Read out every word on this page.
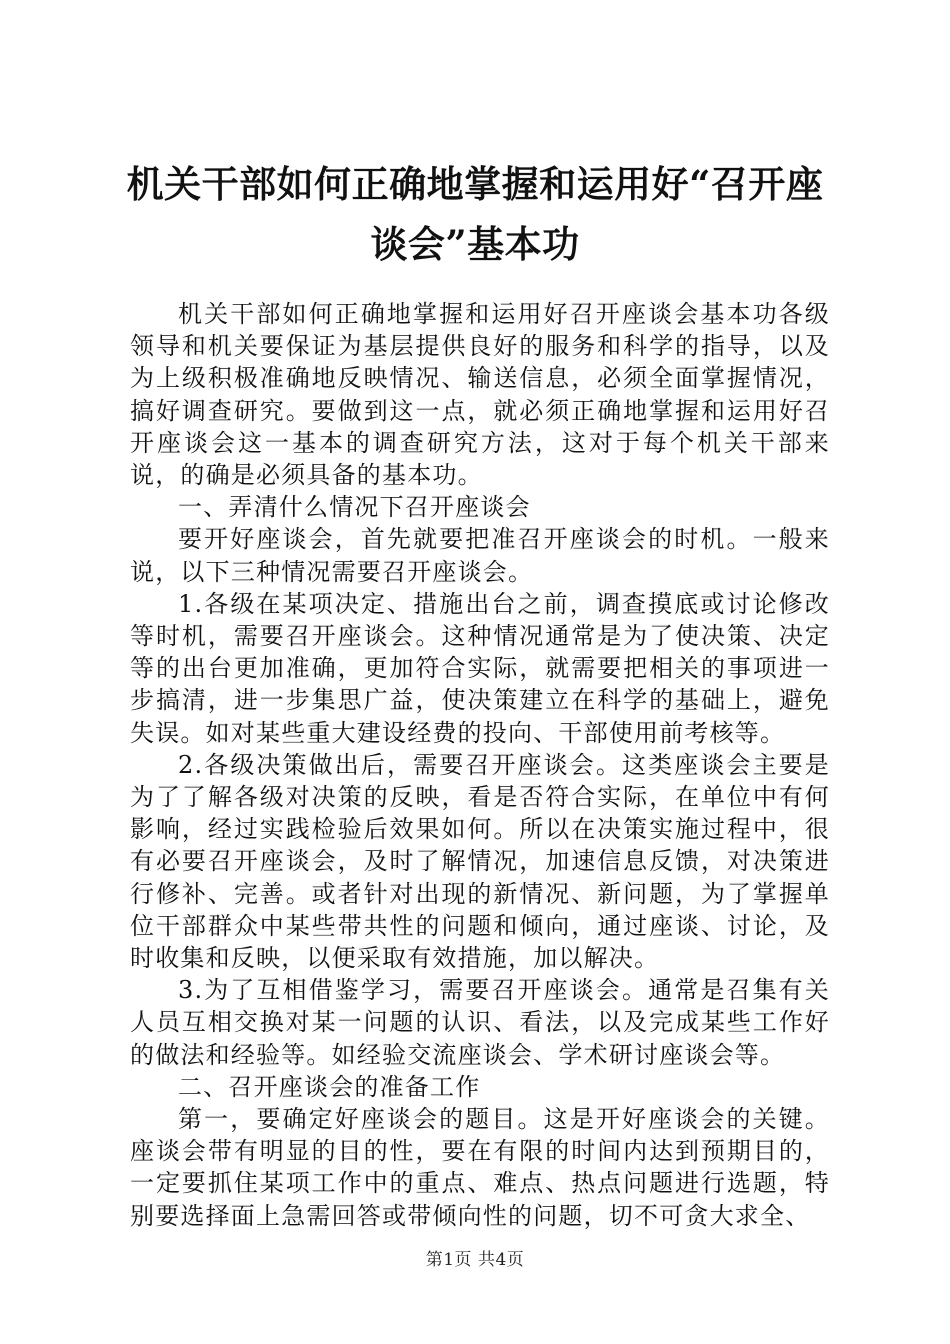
机关干部如何正确地掌握和运用好“召开座谈会”基本功

机关干部如何正确地掌握和运用好召开座谈会基本功各级领导和机关要保证为基层提供良好的服务和科学的指导，以及为上级积极准确地反映情况、输送信息，必须全面掌握情况，搞好调查研究。要做到这一点，就必须正确地掌握和运用好召开座谈会这一基本的调查研究方法，这对于每个机关干部来说，的确是必须具备的基本功。

一、弄清什么情况下召开座谈会

要开好座谈会，首先就要把准召开座谈会的时机。一般来说，以下三种情况需要召开座谈会。

1.各级在某项决定、措施出台之前，调查摸底或讨论修改等时机，需要召开座谈会。这种情况通常是为了使决策、决定等的出台更加准确，更加符合实际，就需要把相关的事项进一步搞清，进一步集思广益，使决策建立在科学的基础上，避免失误。如对某些重大建设经费的投向、干部使用前考核等。

2.各级决策做出后，需要召开座谈会。这类座谈会主要是为了了解各级对决策的反映，看是否符合实际，在单位中有何影响，经过实践检验后效果如何。所以在决策实施过程中，很有必要召开座谈会，及时了解情况，加速信息反馈，对决策进行修补、完善。或者针对出现的新情况、新问题，为了掌握单位干部群众中某些带共性的问题和倾向，通过座谈、讨论，及时收集和反映，以便采取有效措施，加以解决。

3.为了互相借鉴学习，需要召开座谈会。通常是召集有关人员互相交换对某一问题的认识、看法，以及完成某些工作好的做法和经验等。如经验交流座谈会、学术研讨座谈会等。

二、召开座谈会的准备工作

第一，要确定好座谈会的题目。这是开好座谈会的关键。座谈会带有明显的目的性，要在有限的时间内达到预期目的，一定要抓住某项工作中的重点、难点、热点问题进行选题，特别要选择面上急需回答或带倾向性的问题，切不可贪大求全、

第1页 共4页
